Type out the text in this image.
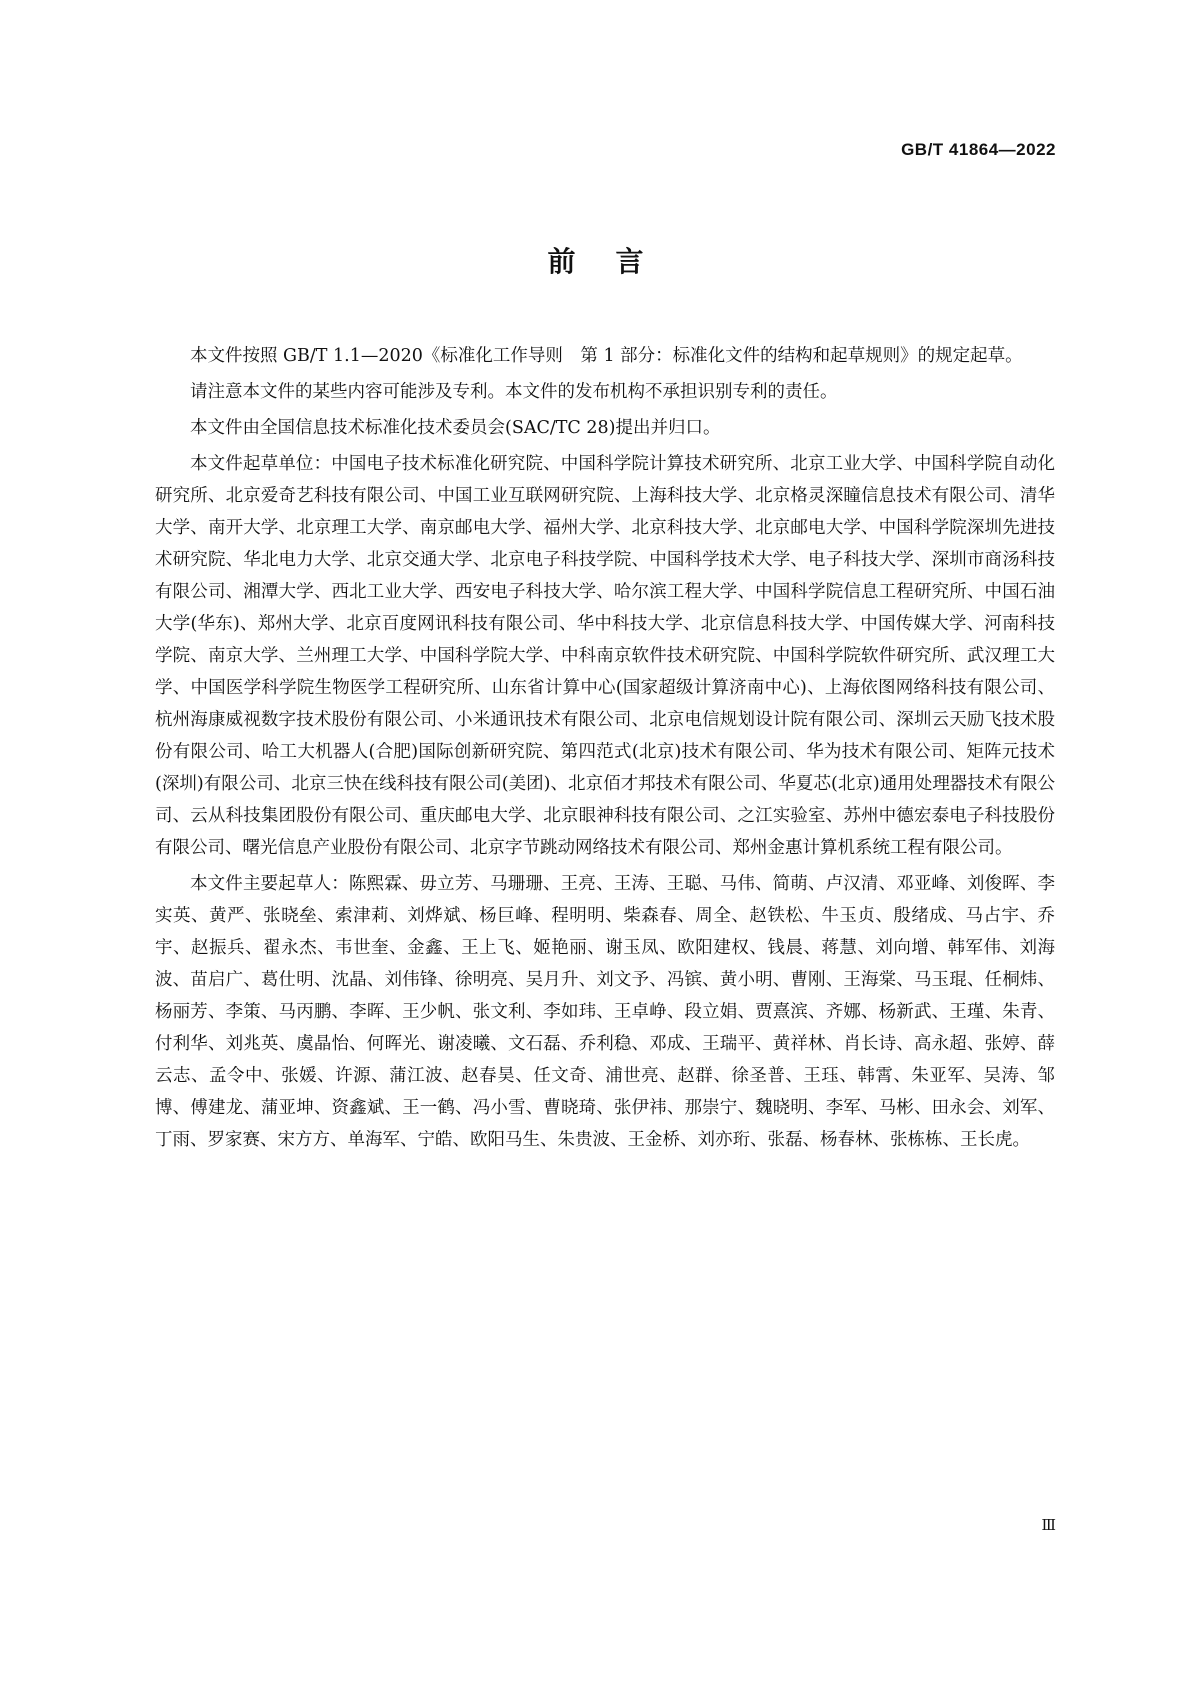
GB/T 41864—2022
前言

本文件按照 GB/T 1.1—2020《标准化工作导则　第 1 部分：标准化文件的结构和起草规则》的规定起草。

请注意本文件的某些内容可能涉及专利。本文件的发布机构不承担识别专利的责任。

本文件由全国信息技术标准化技术委员会(SAC/TC 28)提出并归口。

本文件起草单位：中国电子技术标准化研究院、中国科学院计算技术研究所、北京工业大学、中国科学院自动化研究所、北京爱奇艺科技有限公司、中国工业互联网研究院、上海科技大学、北京格灵深瞳信息技术有限公司、清华大学、南开大学、北京理工大学、南京邮电大学、福州大学、北京科技大学、北京邮电大学、中国科学院深圳先进技术研究院、华北电力大学、北京交通大学、北京电子科技学院、中国科学技术大学、电子科技大学、深圳市商汤科技有限公司、湘潭大学、西北工业大学、西安电子科技大学、哈尔滨工程大学、中国科学院信息工程研究所、中国石油大学(华东)、郑州大学、北京百度网讯科技有限公司、华中科技大学、北京信息科技大学、中国传媒大学、河南科技学院、南京大学、兰州理工大学、中国科学院大学、中科南京软件技术研究院、中国科学院软件研究所、武汉理工大学、中国医学科学院生物医学工程研究所、山东省计算中心(国家超级计算济南中心)、上海依图网络科技有限公司、杭州海康威视数字技术股份有限公司、小米通讯技术有限公司、北京电信规划设计院有限公司、深圳云天励飞技术股份有限公司、哈工大机器人(合肥)国际创新研究院、第四范式(北京)技术有限公司、华为技术有限公司、矩阵元技术(深圳)有限公司、北京三快在线科技有限公司(美团)、北京佰才邦技术有限公司、华夏芯(北京)通用处理器技术有限公司、云从科技集团股份有限公司、重庆邮电大学、北京眼神科技有限公司、之江实验室、苏州中德宏泰电子科技股份有限公司、曙光信息产业股份有限公司、北京字节跳动网络技术有限公司、郑州金惠计算机系统工程有限公司。

本文件主要起草人：陈熙霖、毋立芳、马珊珊、王亮、王涛、王聪、马伟、简萌、卢汉清、邓亚峰、刘俊晖、李实英、黄严、张晓垒、索津莉、刘烨斌、杨巨峰、程明明、柴森春、周全、赵铁松、牛玉贞、殷绪成、马占宇、乔宇、赵振兵、翟永杰、韦世奎、金鑫、王上飞、姬艳丽、谢玉凤、欧阳建权、钱晨、蒋慧、刘向增、韩军伟、刘海波、苗启广、葛仕明、沈晶、刘伟锋、徐明亮、吴月升、刘文予、冯镔、黄小明、曹刚、王海棠、马玉琨、任桐炜、杨丽芳、李策、马丙鹏、李晖、王少帆、张文利、李如玮、王卓峥、段立娟、贾熹滨、齐娜、杨新武、王瑾、朱青、付利华、刘兆英、虞晶怡、何晖光、谢凌曦、文石磊、乔利稳、邓成、王瑞平、黄祥林、肖长诗、高永超、张婷、薛云志、孟令中、张媛、许源、蒲江波、赵春昊、任文奇、浦世亮、赵群、徐圣普、王珏、韩霄、朱亚军、吴涛、邹博、傅建龙、蒲亚坤、资鑫斌、王一鹤、冯小雪、曹晓琦、张伊祎、那崇宁、魏晓明、李军、马彬、田永会、刘军、丁雨、罗家赛、宋方方、单海军、宁皓、欧阳马生、朱贵波、王金桥、刘亦珩、张磊、杨春林、张栋栋、王长虎。

Ⅲ
